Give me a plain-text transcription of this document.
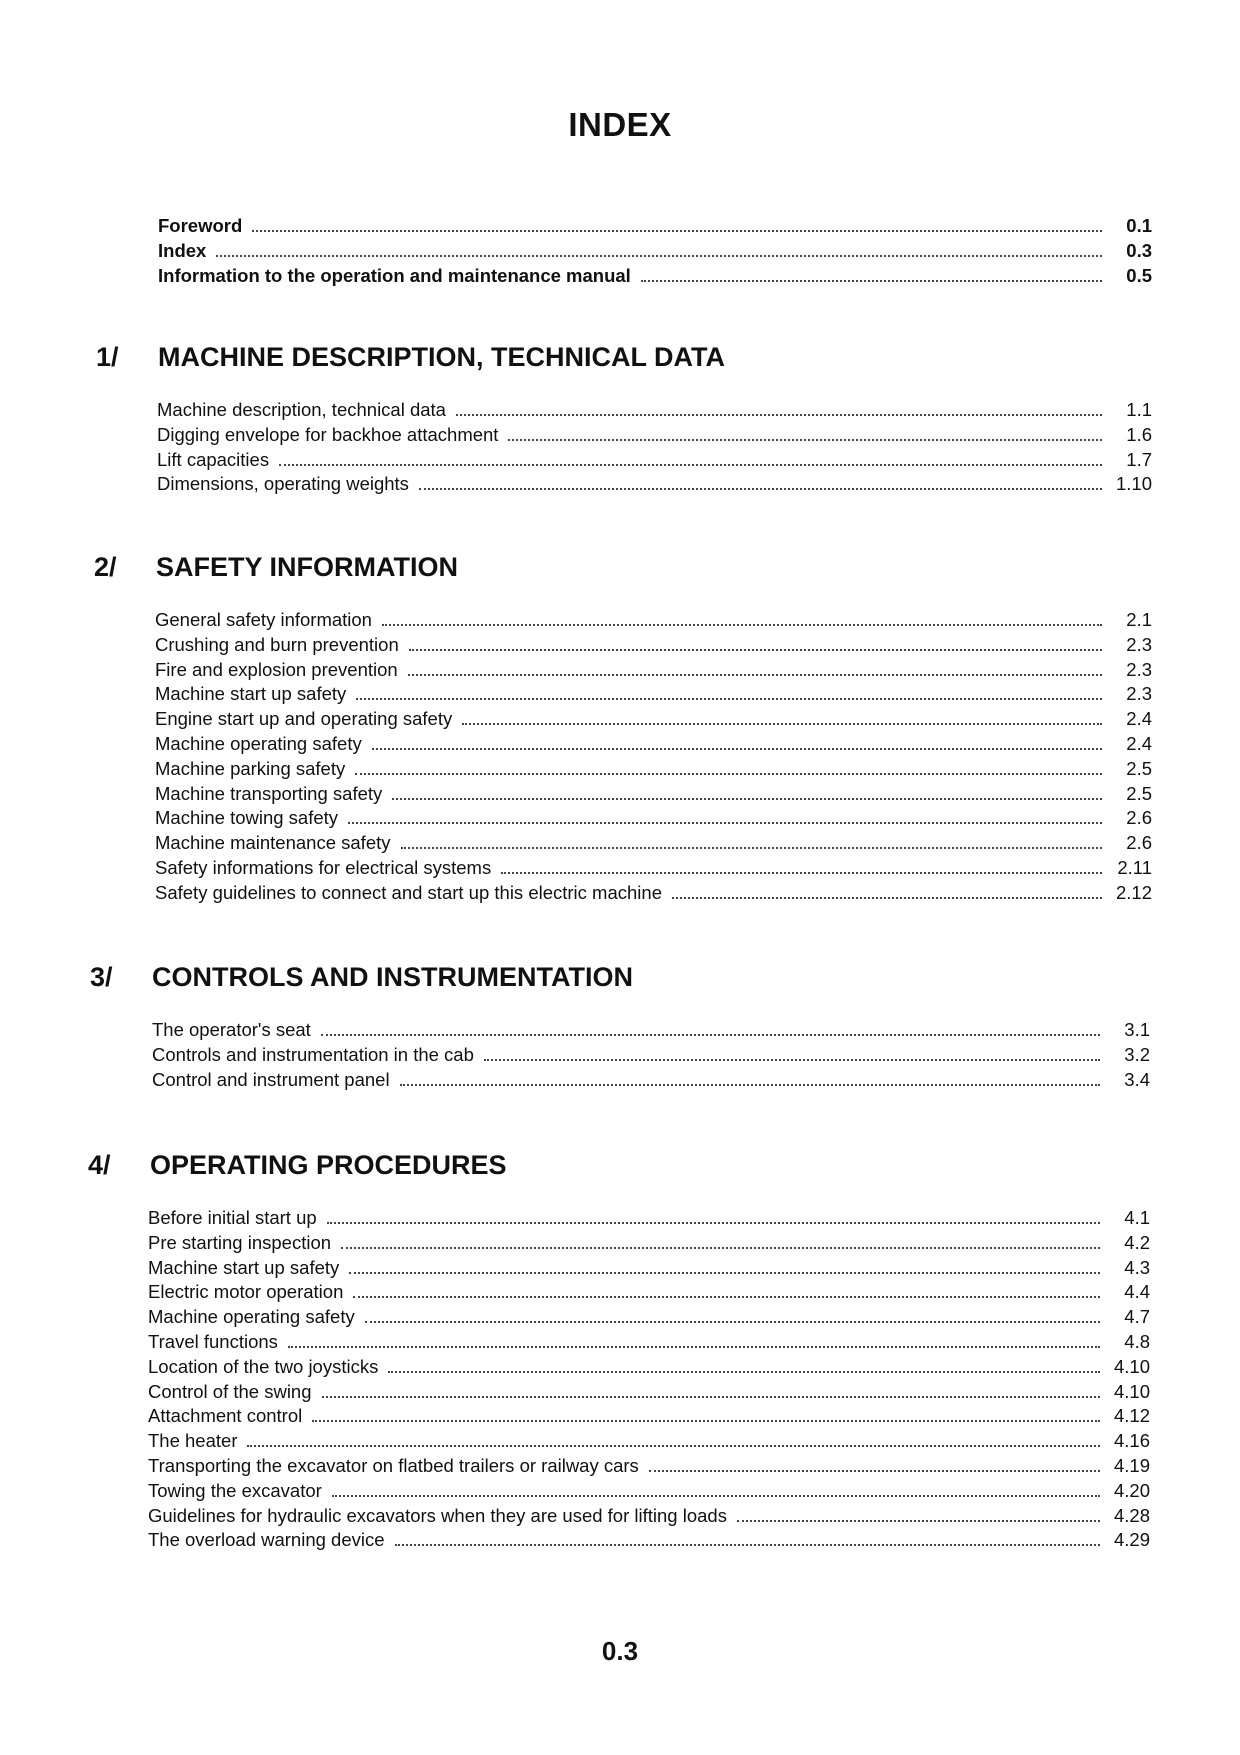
INDEX
Foreword	0.1
Index	0.3
Information to the operation and maintenance manual	0.5
1/	MACHINE DESCRIPTION, TECHNICAL DATA
Machine description, technical data	1.1
Digging envelope for backhoe attachment	1.6
Lift capacities	1.7
Dimensions, operating weights	1.10
2/	SAFETY INFORMATION
General safety information	2.1
Crushing and burn prevention	2.3
Fire and explosion prevention	2.3
Machine start up safety	2.3
Engine start up and operating safety	2.4
Machine operating safety	2.4
Machine parking safety	2.5
Machine transporting safety	2.5
Machine towing safety	2.6
Machine maintenance safety	2.6
Safety informations for electrical systems	2.11
Safety guidelines to connect and start up this electric machine	2.12
3/	CONTROLS AND INSTRUMENTATION
The operator's seat	3.1
Controls and instrumentation in the cab	3.2
Control and instrument panel	3.4
4/	OPERATING PROCEDURES
Before initial start up	4.1
Pre starting inspection	4.2
Machine start up safety	4.3
Electric motor operation	4.4
Machine operating safety	4.7
Travel functions	4.8
Location of the two joysticks	4.10
Control of the swing	4.10
Attachment control	4.12
The heater	4.16
Transporting the excavator on flatbed trailers or railway cars	4.19
Towing the excavator	4.20
Guidelines for hydraulic excavators when they are used for lifting loads	4.28
The overload warning device	4.29
0.3
